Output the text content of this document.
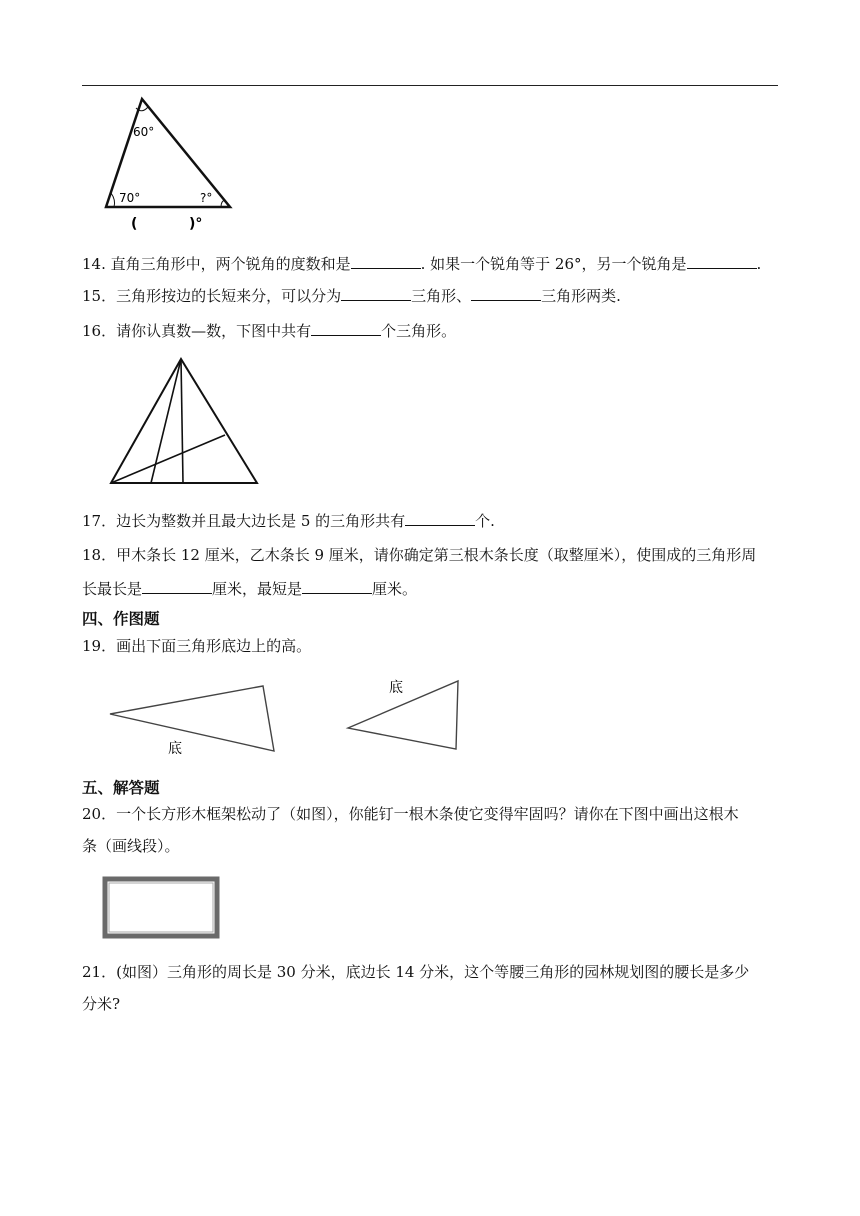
60°
70°	?°
(	)°
14. 直角三角形中，两个锐角的度数和是	. 如果一个锐角等于 26°，另一个锐角是	.
15．三角形按边的长短来分，可以分为	三角形、	三角形两类.
16．请你认真数—数，下图中共有	个三角形。
17．边长为整数并且最大边长是 5 的三角形共有	个.
18．甲木条长 12 厘米，乙木条长 9 厘米，请你确定第三根木条长度（取整厘米），使围成的三角形周
长最长是	厘米，最短是	厘米。
四、作图题
19．画出下面三角形底边上的高。
底
底
五、解答题
20．一个长方形木框架松动了（如图），你能钉一根木条使它变得牢固吗？请你在下图中画出这根木
条（画线段）。
21．(如图）三角形的周长是 30 分米，底边长 14 分米，这个等腰三角形的园林规划图的腰长是多少
分米?
